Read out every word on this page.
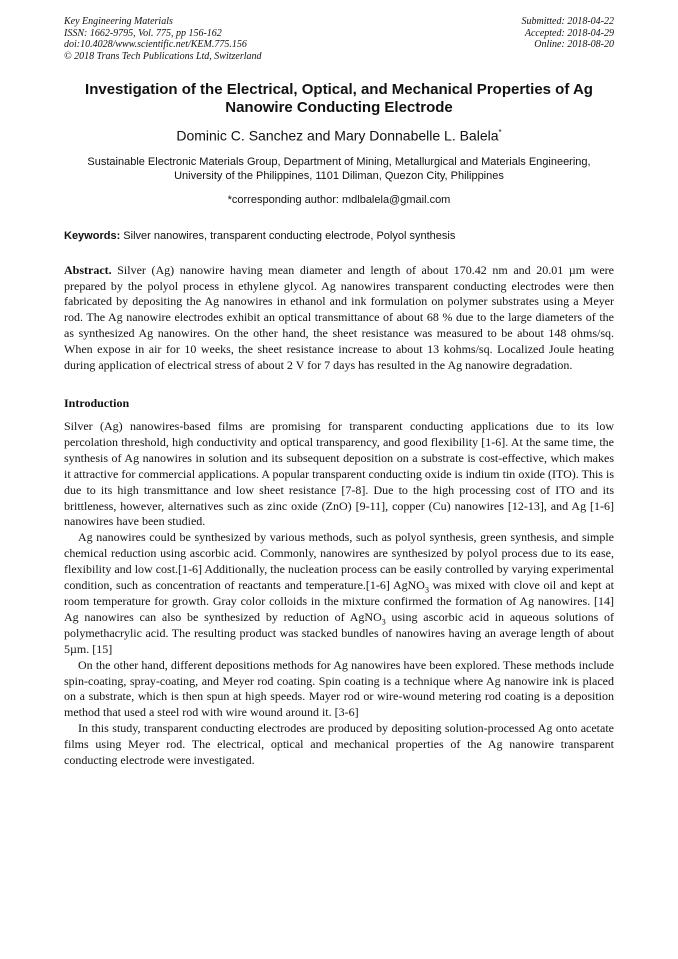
Key Engineering Materials
ISSN: 1662-9795, Vol. 775, pp 156-162
doi:10.4028/www.scientific.net/KEM.775.156
© 2018 Trans Tech Publications Ltd, Switzerland
Submitted: 2018-04-22
Accepted: 2018-04-29
Online: 2018-08-20
Investigation of the Electrical, Optical, and Mechanical Properties of Ag Nanowire Conducting Electrode
Dominic C. Sanchez and Mary Donnabelle L. Balela*
Sustainable Electronic Materials Group, Department of Mining, Metallurgical and Materials Engineering, University of the Philippines, 1101 Diliman, Quezon City, Philippines
*corresponding author: mdlbalela@gmail.com
Keywords: Silver nanowires, transparent conducting electrode, Polyol synthesis
Abstract. Silver (Ag) nanowire having mean diameter and length of about 170.42 nm and 20.01 µm were prepared by the polyol process in ethylene glycol. Ag nanowires transparent conducting electrodes were then fabricated by depositing the Ag nanowires in ethanol and ink formulation on polymer substrates using a Meyer rod. The Ag nanowire electrodes exhibit an optical transmittance of about 68 % due to the large diameters of the as synthesized Ag nanowires. On the other hand, the sheet resistance was measured to be about 148 ohms/sq. When expose in air for 10 weeks, the sheet resistance increase to about 13 kohms/sq. Localized Joule heating during application of electrical stress of about 2 V for 7 days has resulted in the Ag nanowire degradation.
Introduction

Silver (Ag) nanowires-based films are promising for transparent conducting applications due to its low percolation threshold, high conductivity and optical transparency, and good flexibility [1-6]. At the same time, the synthesis of Ag nanowires in solution and its subsequent deposition on a substrate is cost-effective, which makes it attractive for commercial applications. A popular transparent conducting oxide is indium tin oxide (ITO). This is due to its high transmittance and low sheet resistance [7-8]. Due to the high processing cost of ITO and its brittleness, however, alternatives such as zinc oxide (ZnO) [9-11], copper (Cu) nanowires [12-13], and Ag [1-6] nanowires have been studied.

Ag nanowires could be synthesized by various methods, such as polyol synthesis, green synthesis, and simple chemical reduction using ascorbic acid. Commonly, nanowires are synthesized by polyol process due to its ease, flexibility and low cost.[1-6] Additionally, the nucleation process can be easily controlled by varying experimental condition, such as concentration of reactants and temperature.[1-6] AgNO$_3$ was mixed with clove oil and kept at room temperature for growth. Gray color colloids in the mixture confirmed the formation of Ag nanowires. [14] Ag nanowires can also be synthesized by reduction of AgNO$_3$ using ascorbic acid in aqueous solutions of polymethacrylic acid. The resulting product was stacked bundles of nanowires having an average length of about 5µm. [15]

On the other hand, different depositions methods for Ag nanowires have been explored. These methods include spin-coating, spray-coating, and Meyer rod coating. Spin coating is a technique where Ag nanowire ink is placed on a substrate, which is then spun at high speeds. Mayer rod or wire-wound metering rod coating is a deposition method that used a steel rod with wire wound around it. [3-6]

In this study, transparent conducting electrodes are produced by depositing solution-processed Ag onto acetate films using Meyer rod. The electrical, optical and mechanical properties of the Ag nanowire transparent conducting electrode were investigated.
